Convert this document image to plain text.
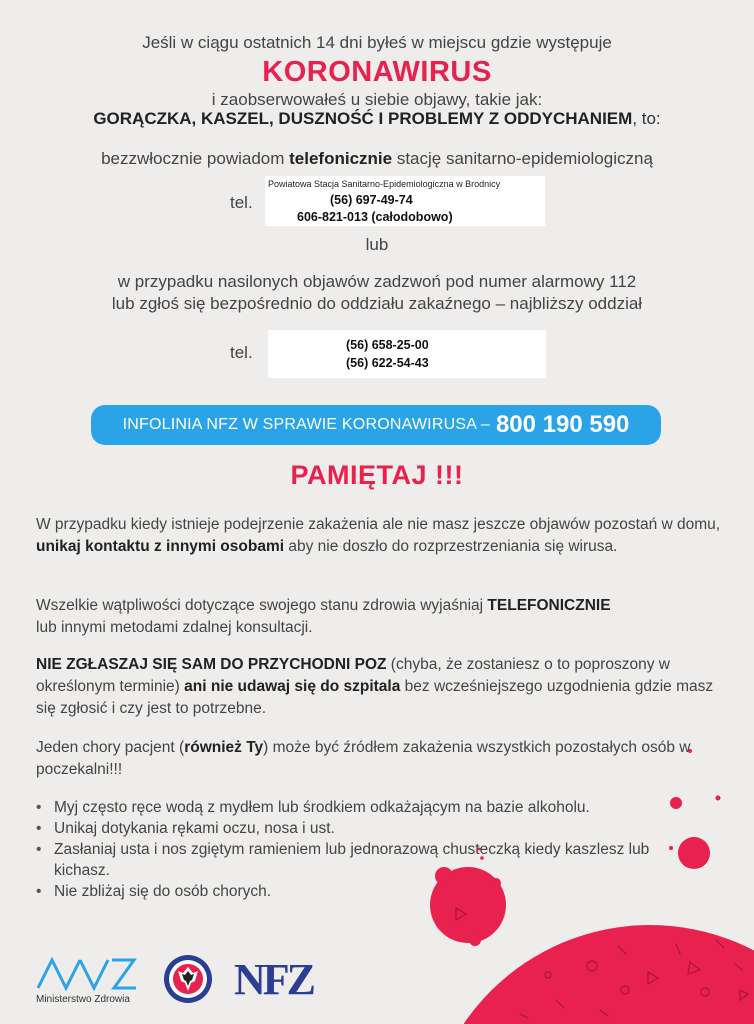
Jeśli w ciągu ostatnich 14 dni byłeś w miejscu gdzie występuje
KORONAWIRUS
i zaobserwowałeś u siebie objawy, takie jak:
GORĄCZKA, KASZEL, DUSZNOŚĆ I PROBLEMY Z ODDYCHANIEM, to:
bezzwłocznie powiadom telefonicznie stację sanitarno-epidemiologiczną
tel.
Powiatowa Stacja Sanitarno-Epidemiologiczna w Brodnicy
(56) 697-49-74
606-821-013 (całodobowo)
lub
w przypadku nasilonych objawów zadzwoń pod numer alarmowy 112
lub zgłoś się bezpośrednio do oddziału zakaźnego – najbliższy oddział
tel.	(56) 658-25-00
(56) 622-54-43
INFOLINIA NFZ W SPRAWIE KORONAWIRUSA – 800 190 590
PAMIĘTAJ !!!
W przypadku kiedy istnieje podejrzenie zakażenia ale nie masz jeszcze objawów pozostań w domu, unikaj kontaktu z innymi osobami aby nie doszło do rozprzestrzeniania się wirusa.
Wszelkie wątpliwości dotyczące swojego stanu zdrowia wyjaśniaj TELEFONICZNIE
lub innymi metodami zdalnej konsultacji.
NIE ZGŁASZAJ SIĘ SAM DO PRZYCHODNI POZ (chyba, że zostaniesz o to poproszony w określonym terminie) ani nie udawaj się do szpitala bez wcześniejszego uzgodnienia gdzie masz się zgłosić i czy jest to potrzebne.
Jeden chory pacjent (również Ty) może być źródłem zakażenia wszystkich pozostałych osób w poczekalni!!!
• Myj często ręce wodą z mydłem lub środkiem odkażającym na bazie alkoholu.
• Unikaj dotykania rękami oczu, nosa i ust.
• Zasłaniaj usta i nos zgiętym ramieniem lub jednorazową chusteczką kiedy kaszlesz lub kichasz.
• Nie zbliżaj się do osób chorych.
Ministerstwo Zdrowia NFZ
